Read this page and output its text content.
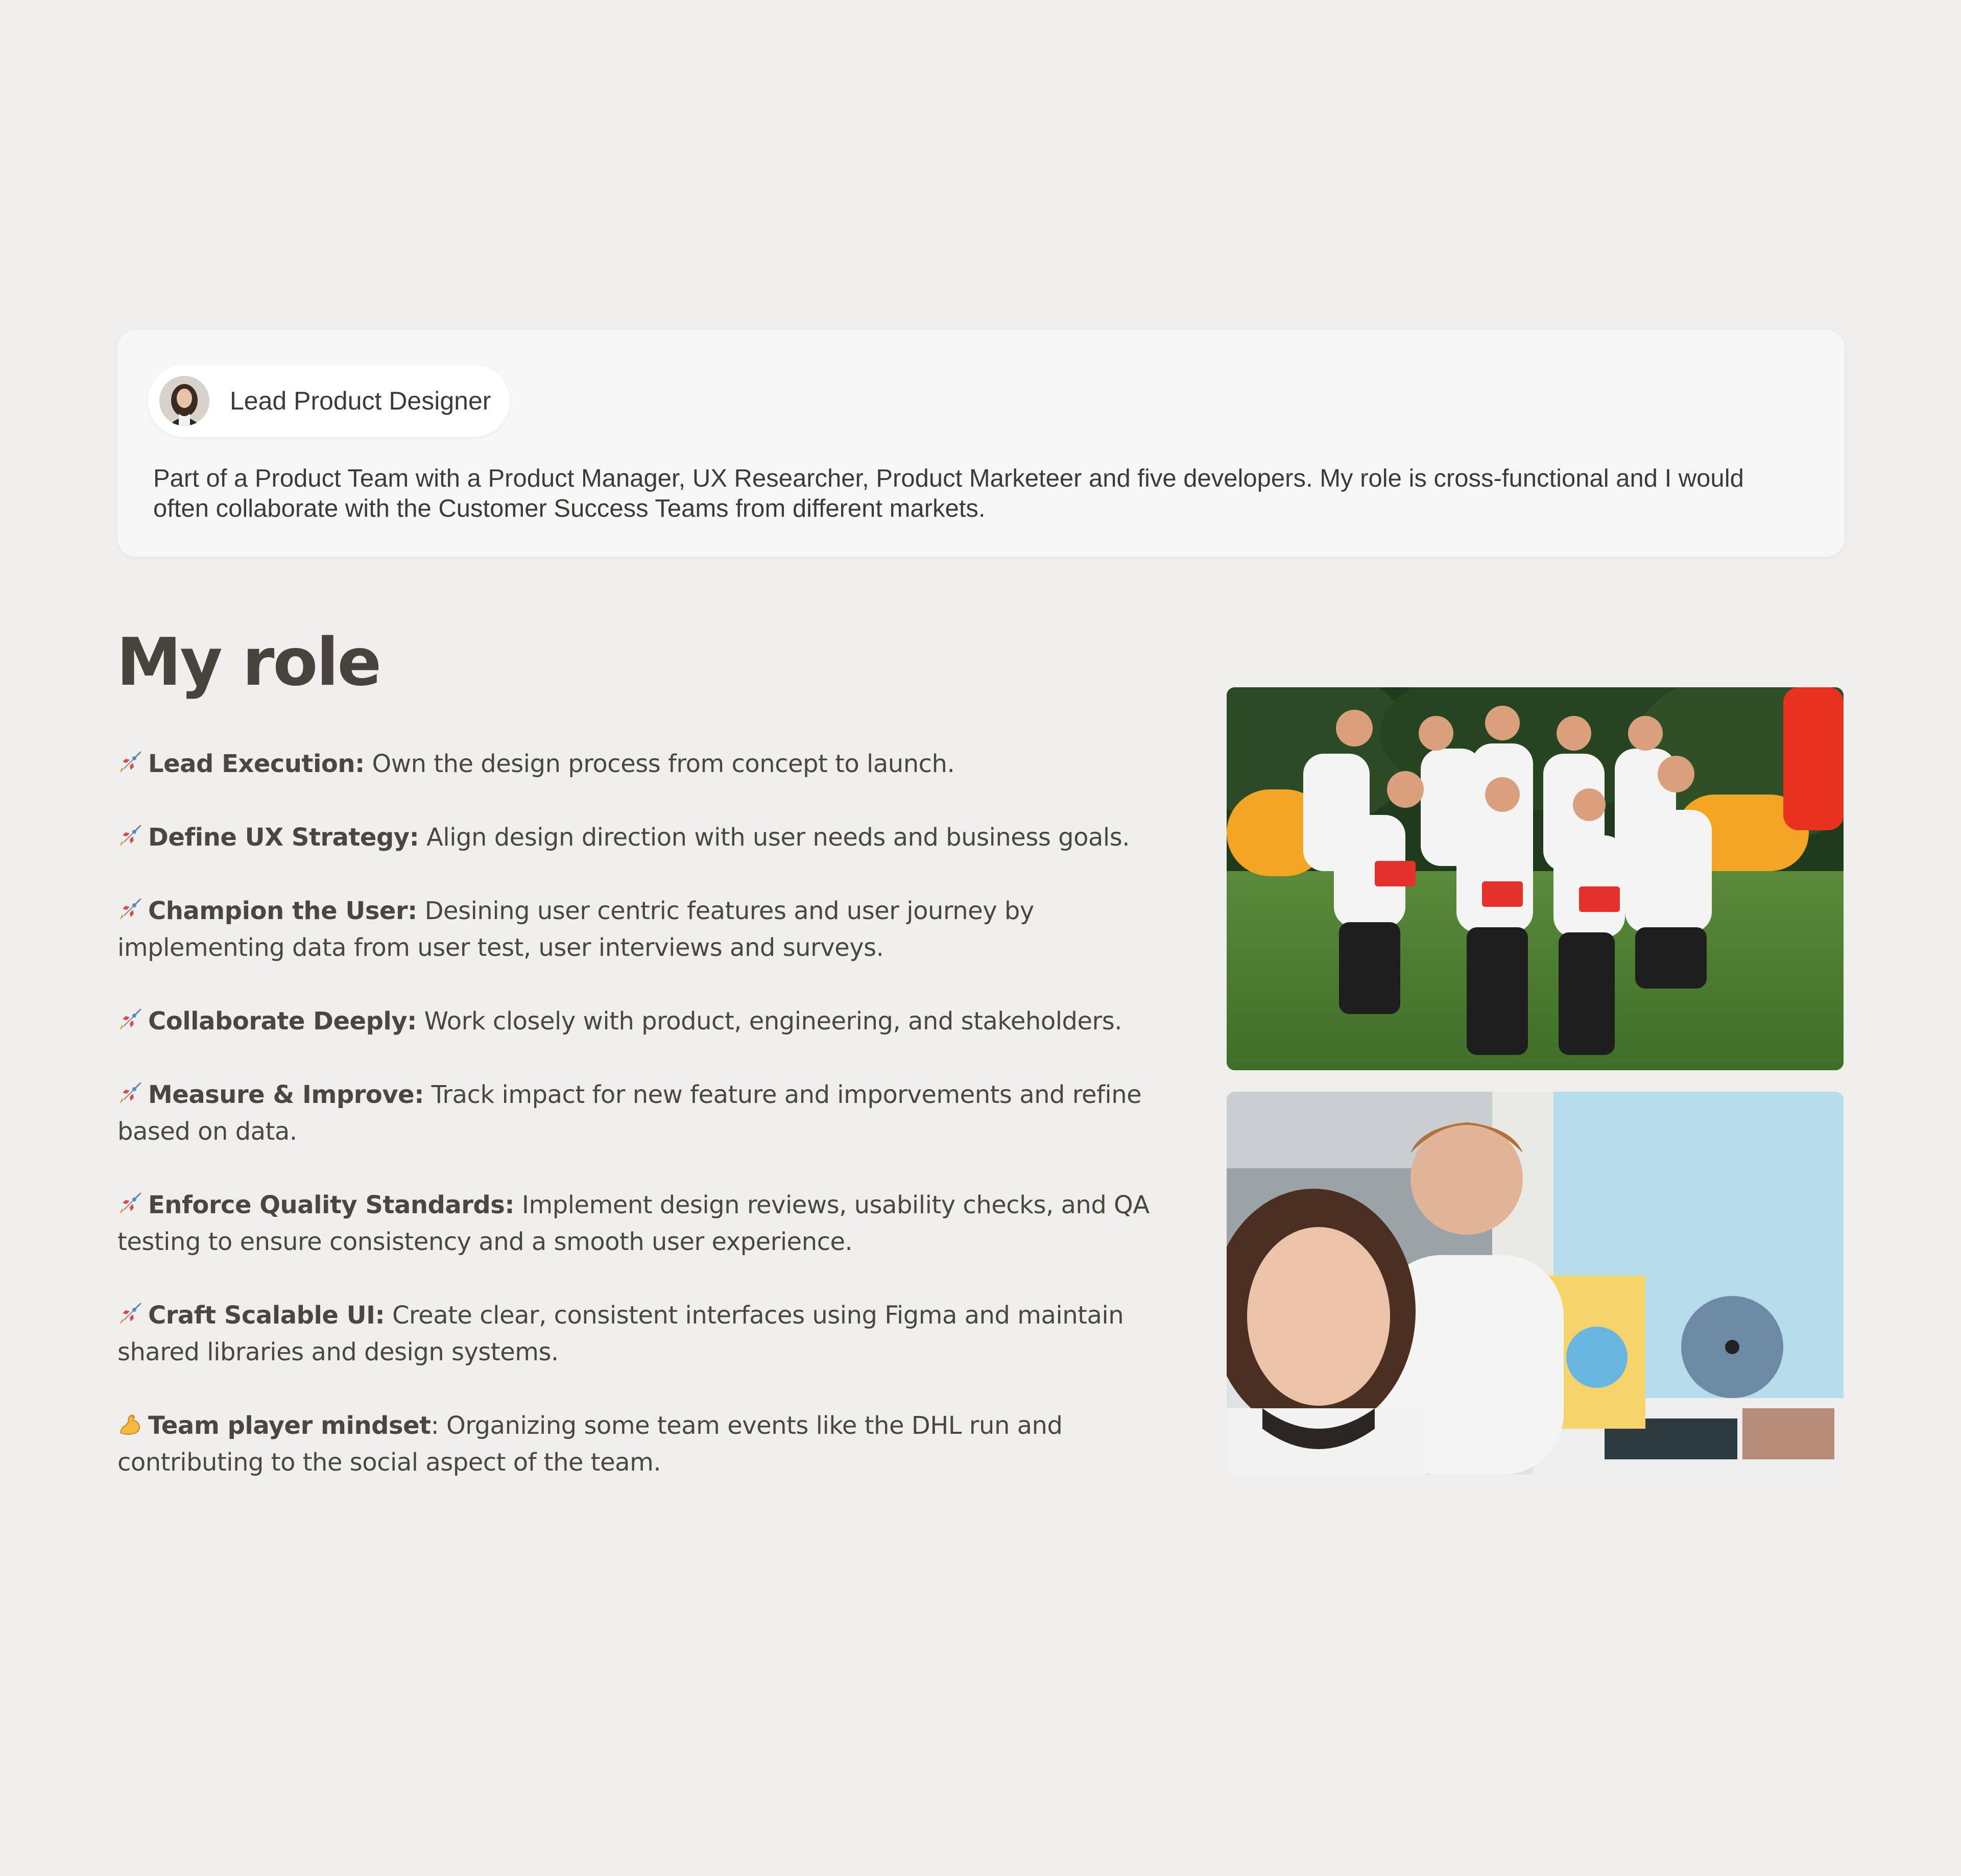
Lead Product Designer

Part of a Product Team with a Product Manager, UX Researcher, Product Marketeer and five developers. My role is cross-functional and I would often collaborate with the Customer Success Teams from different markets.

My role
Lead Execution: Own the design process from concept to launch.
Define UX Strategy: Align design direction with user needs and business goals.
Champion the User: Desining user centric features and user journey by implementing data from user test, user interviews and surveys.
Collaborate Deeply: Work closely with product, engineering, and stakeholders.
Measure & Improve: Track impact for new feature and imporvements and refine based on data.
Enforce Quality Standards: Implement design reviews, usability checks, and QA testing to ensure consistency and a smooth user experience.
Craft Scalable UI: Create clear, consistent interfaces using Figma and maintain shared libraries and design systems.
Team player mindset: Organizing some team events like the DHL run and contributing to the social aspect of the team.
